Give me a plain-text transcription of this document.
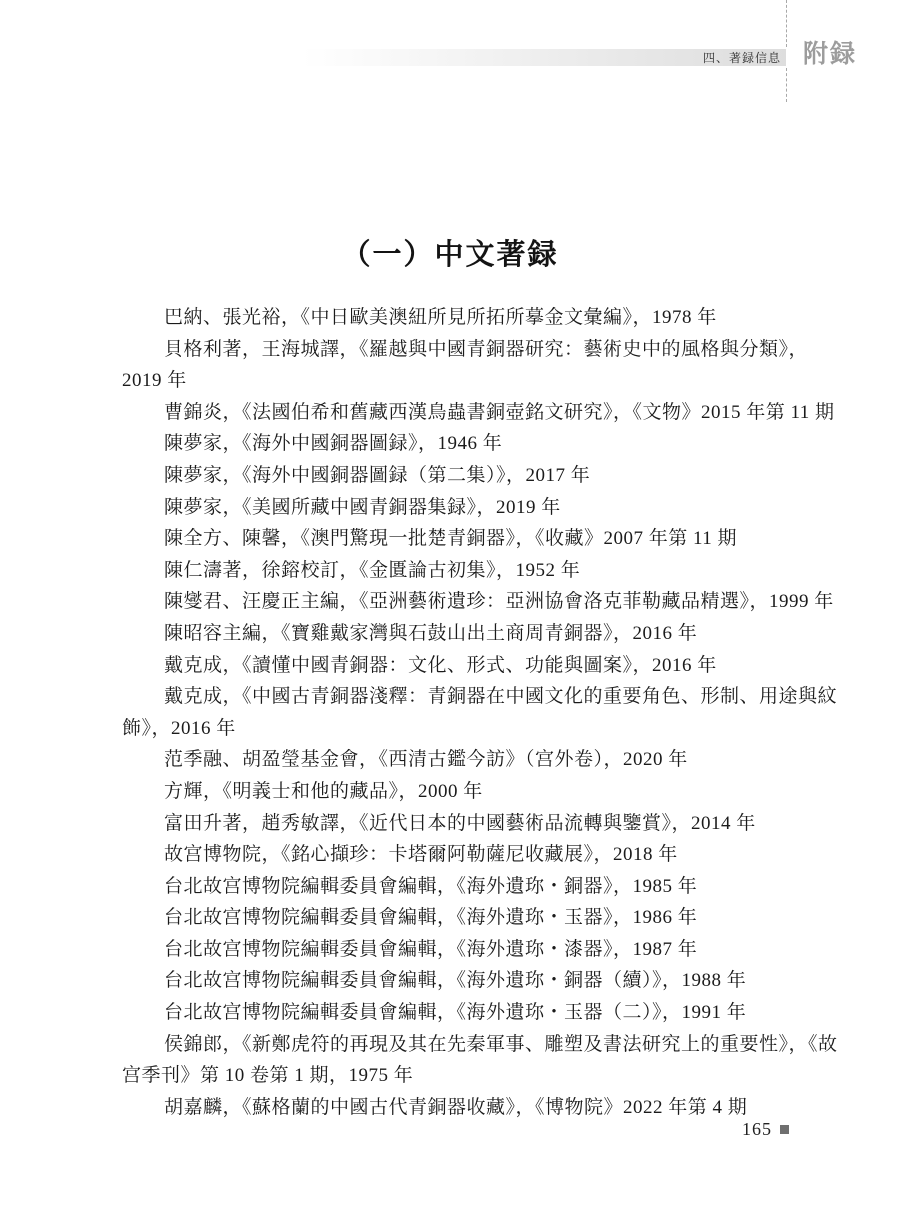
四、著録信息 附録
（一）中文著録
巴納、張光裕，《中日歐美澳紐所見所拓所摹金文彙編》，1978 年
貝格利著，王海城譯，《羅越與中國青銅器研究：藝術史中的風格與分類》，
2019 年
曹錦炎，《法國伯希和舊藏西漢鳥蟲書銅壺銘文研究》，《文物》2015 年第 11 期
陳夢家，《海外中國銅器圖録》，1946 年
陳夢家，《海外中國銅器圖録（第二集）》，2017 年
陳夢家，《美國所藏中國青銅器集録》，2019 年
陳全方、陳馨，《澳門驚現一批楚青銅器》，《收藏》2007 年第 11 期
陳仁濤著，徐鎔校訂，《金匱論古初集》，1952 年
陳燮君、汪慶正主編，《亞洲藝術遺珍：亞洲協會洛克菲勒藏品精選》，1999 年
陳昭容主編，《寶雞戴家灣與石鼓山出土商周青銅器》，2016 年
戴克成，《讀懂中國青銅器：文化、形式、功能與圖案》，2016 年
戴克成，《中國古青銅器淺釋：青銅器在中國文化的重要角色、形制、用途與紋
飾》，2016 年
范季融、胡盈瑩基金會，《西清古鑑今訪》（宫外卷），2020 年
方輝，《明義士和他的藏品》，2000 年
富田升著，趙秀敏譯，《近代日本的中國藝術品流轉與鑒賞》，2014 年
故宫博物院，《銘心擷珍：卡塔爾阿勒薩尼收藏展》，2018 年
台北故宫博物院編輯委員會編輯，《海外遺珎・銅器》，1985 年
台北故宫博物院編輯委員會編輯，《海外遺珎・玉器》，1986 年
台北故宫博物院編輯委員會編輯，《海外遺珎・漆器》，1987 年
台北故宫博物院編輯委員會編輯，《海外遺珎・銅器（續）》，1988 年
台北故宫博物院編輯委員會編輯，《海外遺珎・玉器（二）》，1991 年
侯錦郎，《新鄭虎符的再現及其在先秦軍事、雕塑及書法研究上的重要性》，《故
宫季刊》第 10 卷第 1 期，1975 年
胡嘉麟，《蘇格蘭的中國古代青銅器收藏》，《博物院》2022 年第 4 期
165
